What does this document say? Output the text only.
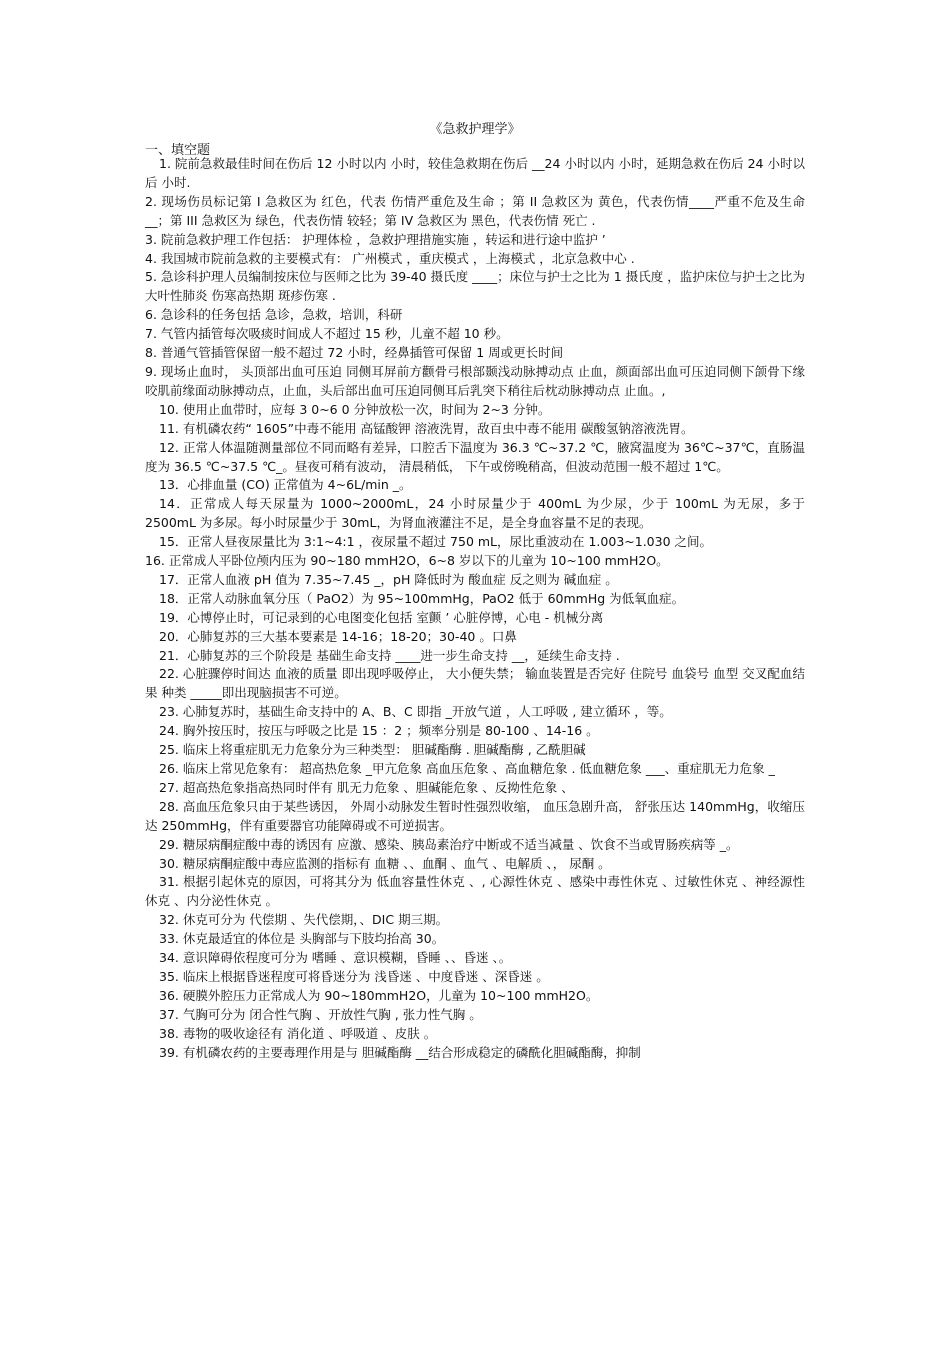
《急救护理学》
一、填空题

1. 院前急救最佳时间在伤后 12 小时以内 小时，较佳急救期在伤后 __24 小时以内 小时，延期急救在伤后 24 小时以后 小时.

2. 现场伤员标记第 I 急救区为 红色，代表 伤情严重危及生命 ；第 II 急救区为 黄色，代表伤情____严重不危及生命 __；第 III 急救区为 绿色，代表伤情 较轻；第 IV 急救区为 黑色，代表伤情 死亡 .

3. 院前急救护理工作包括： 护理体检 ，急救护理措施实施 ，转运和进行途中监护 ’

4. 我国城市院前急救的主要模式有： 广州模式 ，重庆模式 ，上海模式 ，北京急救中心 .

5. 急诊科护理人员编制按床位与医师之比为 39-40 摄氏度 ____；床位与护士之比为 1 摄氏度 ，监护床位与护士之比为 大叶性肺炎 伤寒高热期 斑疹伤寒 .

6. 急诊科的任务包括 急诊，急救，培训，科研

7. 气管内插管每次吸痰时间成人不超过 15 秒，儿童不超 10 秒。

8. 普通气管插管保留一般不超过 72 小时，经鼻插管可保留 1 周或更长时间

9. 现场止血时， 头顶部出血可压迫 同侧耳屏前方颧骨弓根部颞浅动脉搏动点 止血，颜面部出血可压迫同侧下颌骨下缘咬肌前缘面动脉搏动点，止血，头后部出血可压迫同侧耳后乳突下稍往后枕动脉搏动点 止血。,

10. 使用止血带时，应每 3 0~6 0 分钟放松一次，时间为 2~3 分钟。

11. 有机磷农药“ 1605”中毒不能用 高锰酸钾 溶液洗胃，敌百虫中毒不能用 碳酸氢钠溶液洗胃。

12. 正常人体温随测量部位不同而略有差异，口腔舌下温度为 36.3 ℃~37.2 ℃，腋窝温度为 36℃~37℃，直肠温度为 36.5 ℃~37.5 ℃_。昼夜可稍有波动， 清晨稍低， 下午或傍晚稍高，但波动范围一般不超过 1℃。

13．心排血量 (CO) 正常值为 4~6L/min _。

14．正常成人每天尿量为 1000~2000mL，24 小时尿量少于 400mL 为少尿，少于 100mL 为无尿，多于 2500mL 为多尿。每小时尿量少于 30mL，为肾血液灌注不足，是全身血容量不足的表现。

15．正常人昼夜尿量比为 3:1~4:1 ，夜尿量不超过 750 mL，尿比重波动在 1.003~1.030 之间。

16. 正常成人平卧位颅内压为 90~180 mmH2O，6~8 岁以下的儿童为 10~100 mmH2O。

17．正常人血液 pH 值为 7.35~7.45 _，pH 降低时为 酸血症 反之则为 碱血症 。

18．正常人动脉血氧分压（ PaO2）为 95~100mmHg，PaO2 低于 60mmHg 为低氧血症。

19．心博停止时，可记录到的心电图变化包括 室颤 ’ 心脏停博，心电 - 机械分离

20．心肺复苏的三大基本要素是 14-16；18-20；30-40 。口鼻

21．心肺复苏的三个阶段是 基础生命支持 ____进一步生命支持 __，延续生命支持 .

22. 心脏骤停时间达 血液的质量 即出现呼吸停止， 大小便失禁； 输血装置是否完好 住院号 血袋号 血型 交叉配血结果 种类 _____即出现脑损害不可逆。

23. 心肺复苏时，基础生命支持中的 A、B、C 即指 _开放气道 ，人工呼吸 , 建立循环 ，等。

24. 胸外按压时，按压与呼吸之比是 15 ：2 ；频率分别是 80-100 、14-16 。

25. 临床上将重症肌无力危象分为三种类型： 胆碱酯酶 . 胆碱酯酶 , 乙酰胆碱

26. 临床上常见危象有： 超高热危象 _甲亢危象 高血压危象 、高血糖危象 . 低血糖危象 ___、重症肌无力危象 _

27. 超高热危象指高热同时伴有 肌无力危象 、胆碱能危象 、反拗性危象 、

28. 高血压危象只由于某些诱因， 外周小动脉发生暂时性强烈收缩， 血压急剧升高， 舒张压达 140mmHg，收缩压达 250mmHg，伴有重要器官功能障碍或不可逆损害。

29. 糖尿病酮症酸中毒的诱因有 应激、感染、胰岛素治疗中断或不适当减量 、饮食不当或胃肠疾病等 _。

30. 糖尿病酮症酸中毒应监测的指标有 血糖 、、血酮 、血气 、电解质 、， 尿酮 。

31. 根据引起休克的原因，可将其分为 低血容量性休克 、, 心源性休克 、感染中毒性休克 、过敏性休克 、神经源性休克 、内分泌性休克 。

32. 休克可分为 代偿期 、失代偿期，、DIC 期三期。

33. 休克最适宜的体位是 头胸部与下肢均抬高 30。

34. 意识障碍依程度可分为 嗜睡 、意识模糊，昏睡 、、昏迷 、。

35. 临床上根据昏迷程度可将昏迷分为 浅昏迷 、中度昏迷 、深昏迷 。

36. 硬膜外腔压力正常成人为 90~180mmH2O，儿童为 10~100 mmH2O。

37. 气胸可分为 闭合性气胸 、开放性气胸 , 张力性气胸 。

38. 毒物的吸收途径有 消化道 、呼吸道 、皮肤 。

39. 有机磷农药的主要毒理作用是与 胆碱酯酶 __结合形成稳定的磷酰化胆碱酯酶，抑制
